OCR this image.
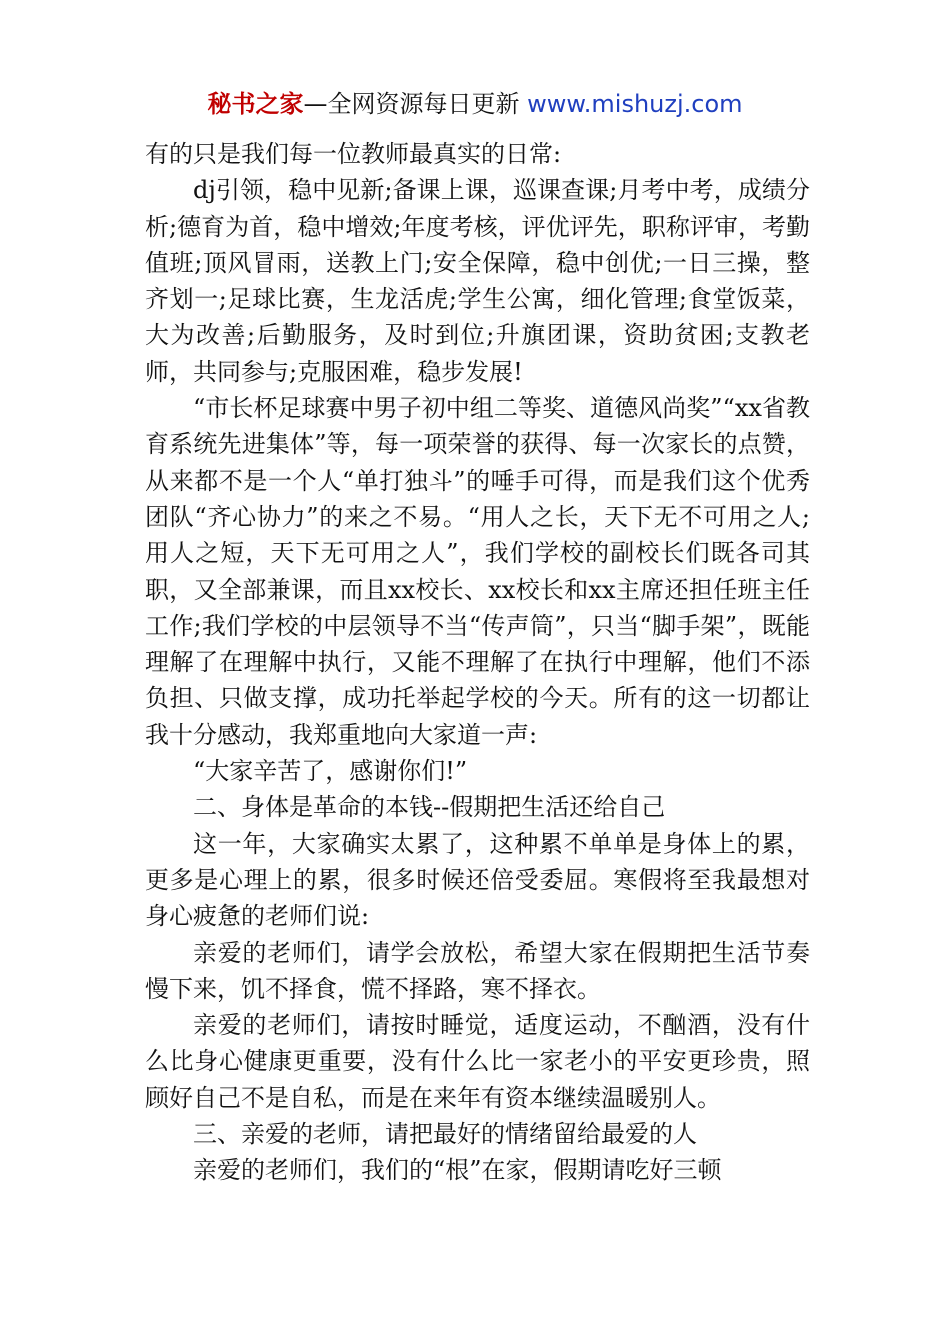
秘书之家—全网资源每日更新 www.mishuzj.com

有的只是我们每一位教师最真实的日常:

dj引领，稳中见新;备课上课，巡课查课;月考中考，成绩分析;德育为首，稳中增效;年度考核，评优评先，职称评审，考勤值班;顶风冒雨，送教上门;安全保障，稳中创优;一日三操，整齐划一;足球比赛，生龙活虎;学生公寓，细化管理;食堂饭菜，大为改善;后勤服务，及时到位;升旗团课，资助贫困;支教老师，共同参与;克服困难，稳步发展!

“市长杯足球赛中男子初中组二等奖、道德风尚奖”“xx省教育系统先进集体”等，每一项荣誉的获得、每一次家长的点赞，从来都不是一个人“单打独斗”的唾手可得，而是我们这个优秀团队“齐心协力”的来之不易。“用人之长，天下无不可用之人;用人之短，天下无可用之人”，我们学校的副校长们既各司其职，又全部兼课，而且xx校长、xx校长和xx主席还担任班主任工作;我们学校的中层领导不当“传声筒”，只当“脚手架”，既能理解了在理解中执行，又能不理解了在执行中理解，他们不添负担、只做支撑，成功托举起学校的今天。所有的这一切都让我十分感动，我郑重地向大家道一声:

“大家辛苦了，感谢你们!”

二、身体是革命的本钱--假期把生活还给自己

这一年，大家确实太累了，这种累不单单是身体上的累，更多是心理上的累，很多时候还倍受委屈。寒假将至我最想对身心疲惫的老师们说:

亲爱的老师们，请学会放松，希望大家在假期把生活节奏慢下来，饥不择食，慌不择路，寒不择衣。

亲爱的老师们，请按时睡觉，适度运动，不酗酒，没有什么比身心健康更重要，没有什么比一家老小的平安更珍贵，照顾好自己不是自私，而是在来年有资本继续温暖别人。

三、亲爱的老师，请把最好的情绪留给最爱的人

亲爱的老师们，我们的“根”在家，假期请吃好三顿
